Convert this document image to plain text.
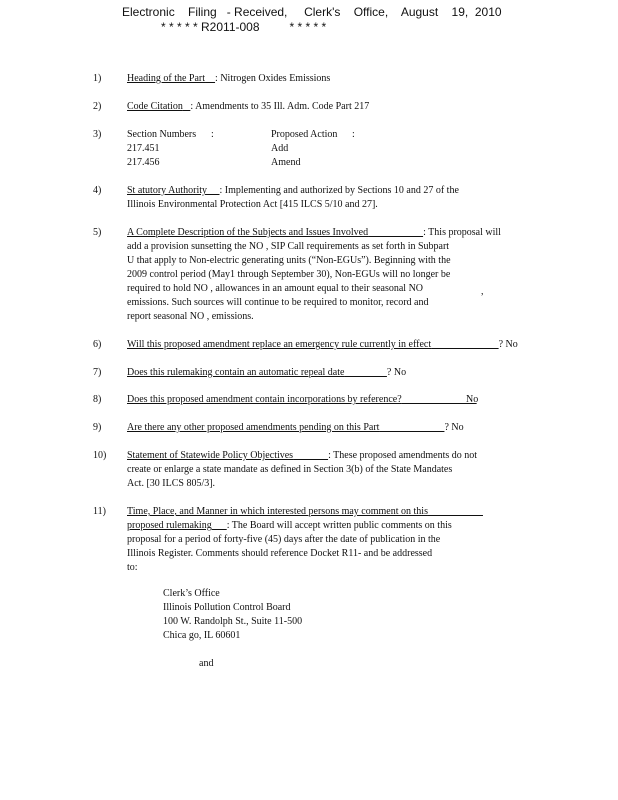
Electronic    Filing   - Received,     Clerk's    Office,    August    19,  2010
* * * * * R2011-008         * * * * *
1)	Heading of the Part : Nitrogen Oxides Emissions
2)	Code Citation : Amendments to 35 Ill. Adm. Code Part 217
3)	Section Numbers :	Proposed Action :
217.451	Add
217.456	Amend
4)	St atutory Authority : Implementing and authorized by Sections 10 and 27 of the
Illinois Environmental Protection Act [415 ILCS 5/10 and 27].
5)	A Complete Description of the Subjects and Issues Involved	: This proposal will
add a provision sunsetting the NO , SIP Call requirements as set forth in Subpart
U that apply to Non-electric generating units (“Non-EGUs”). Beginning with the
2009 control period (May1 through September 30), Non-EGUs will no longer be
required to hold NO , allowances in an amount equal to their seasonal NO	,
emissions. Such sources will continue to be required to monitor, record and
report seasonal NO , emissions.
6)	Will this proposed amendment replace an emergency rule currently in effect	? No
7)	Does this rulemaking contain an automatic repeal date	? No
8)	Does this proposed amendment contain incorporations by reference?	No
9)	Are there any other proposed amendments pending on this Part	? No
10) Statement of Statewide Policy Objectives	: These proposed amendments do not
create or enlarge a state mandate as defined in Section 3(b) of the State Mandates
Act. [30 ILCS 805/3].
11) Time, Place, and Manner in which interested persons may comment on this
proposed rulemaking : The Board will accept written public comments on this
proposal for a period of forty-five (45) days after the date of publication in the
Illinois Register. Comments should reference Docket R11- and be addressed
to:
Clerk’s Office
Illinois Pollution Control Board
100 W. Randolph St., Suite 11-500
Chica go, IL 60601
and
